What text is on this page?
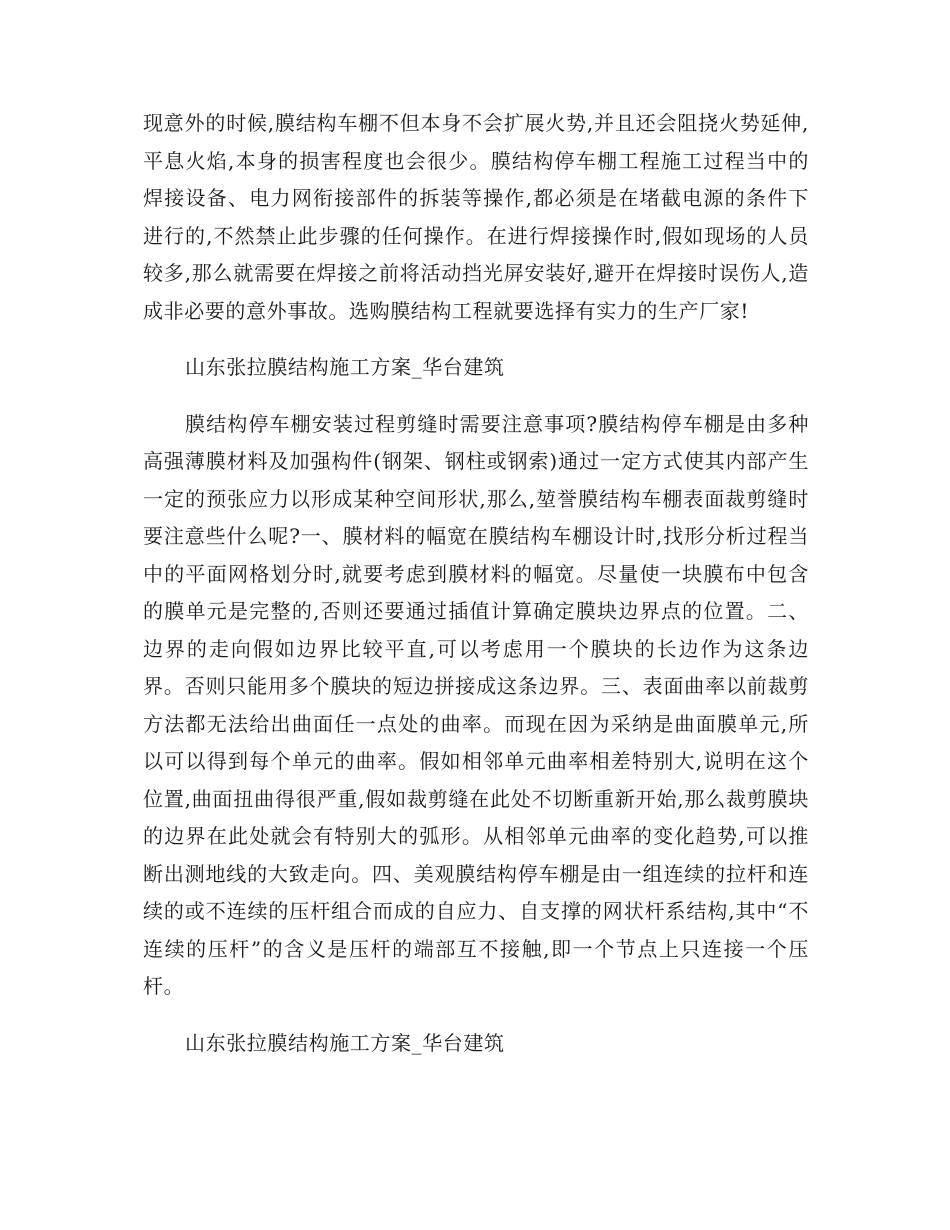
现意外的时候,膜结构车棚不但本身不会扩展火势,并且还会阻挠火势延伸,平息火焰,本身的损害程度也会很少。膜结构停车棚工程施工过程当中的焊接设备、电力网衔接部件的拆装等操作,都必须是在堵截电源的条件下进行的,不然禁止此步骤的任何操作。在进行焊接操作时,假如现场的人员较多,那么就需要在焊接之前将活动挡光屏安装好,避开在焊接时误伤人,造成非必要的意外事故。选购膜结构工程就要选择有实力的生产厂家!

山东张拉膜结构施工方案_华台建筑

膜结构停车棚安装过程剪缝时需要注意事项?膜结构停车棚是由多种高强薄膜材料及加强构件(钢架、钢柱或钢索)通过一定方式使其内部产生一定的预张应力以形成某种空间形状,那么,堃誉膜结构车棚表面裁剪缝时要注意些什么呢?一、膜材料的幅宽在膜结构车棚设计时,找形分析过程当中的平面网格划分时,就要考虑到膜材料的幅宽。尽量使一块膜布中包含的膜单元是完整的,否则还要通过插值计算确定膜块边界点的位置。二、边界的走向假如边界比较平直,可以考虑用一个膜块的长边作为这条边界。否则只能用多个膜块的短边拼接成这条边界。三、表面曲率以前裁剪方法都无法给出曲面任一点处的曲率。而现在因为采纳是曲面膜单元,所以可以得到每个单元的曲率。假如相邻单元曲率相差特别大,说明在这个位置,曲面扭曲得很严重,假如裁剪缝在此处不切断重新开始,那么裁剪膜块的边界在此处就会有特别大的弧形。从相邻单元曲率的变化趋势,可以推断出测地线的大致走向。四、美观膜结构停车棚是由一组连续的拉杆和连续的或不连续的压杆组合而成的自应力、自支撑的网状杆系结构,其中“不连续的压杆”的含义是压杆的端部互不接触,即一个节点上只连接一个压杆。

山东张拉膜结构施工方案_华台建筑
